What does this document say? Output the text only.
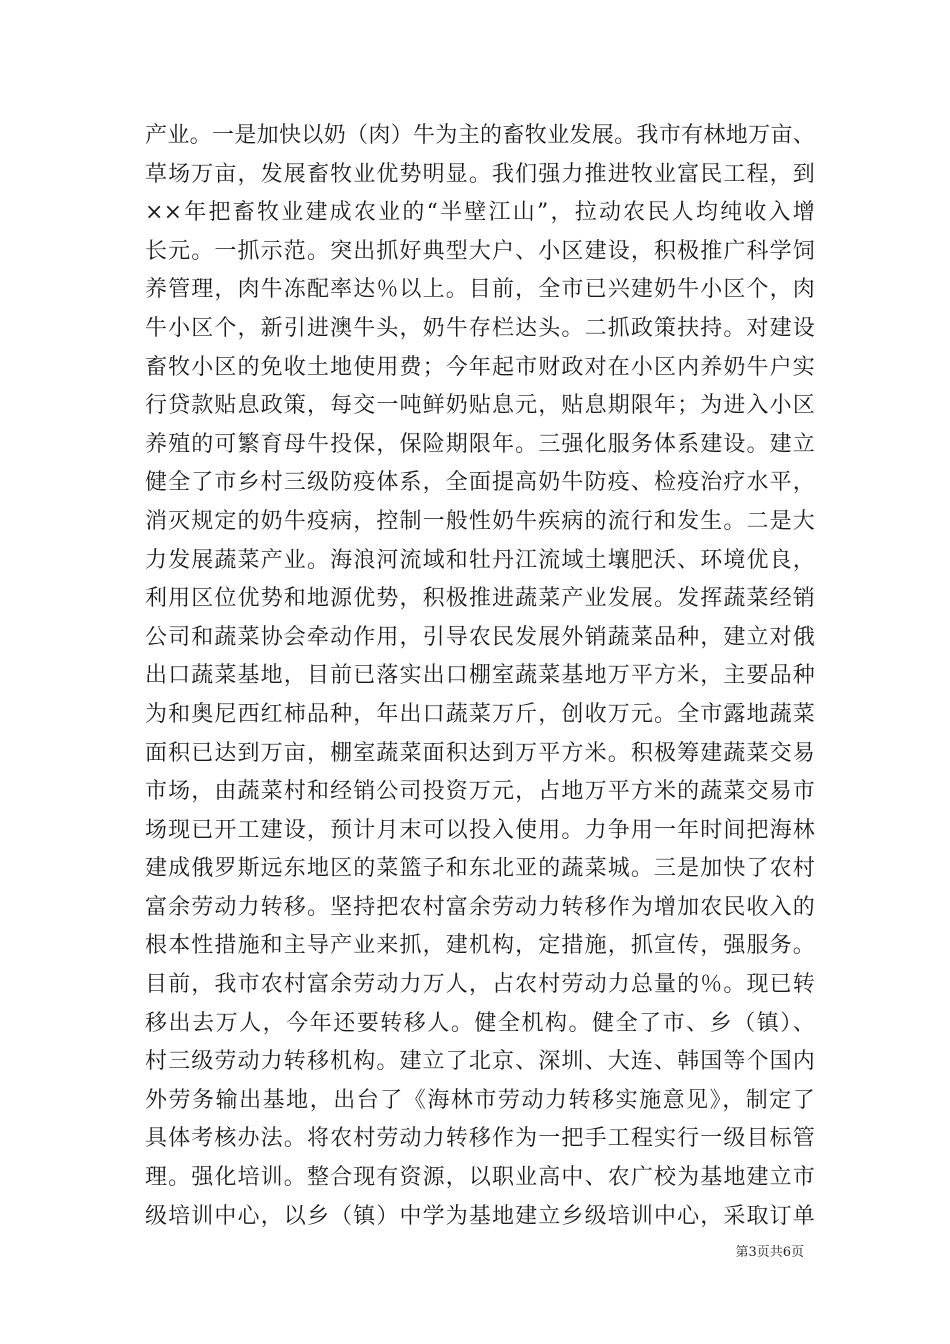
产业。一是加快以奶（肉）牛为主的畜牧业发展。我市有林地万亩、
草场万亩，发展畜牧业优势明显。我们强力推进牧业富民工程，到
××年把畜牧业建成农业的“半壁江山”，拉动农民人均纯收入增
长元。一抓示范。突出抓好典型大户、小区建设，积极推广科学饲
养管理，肉牛冻配率达％以上。目前，全市已兴建奶牛小区个，肉
牛小区个，新引进澳牛头，奶牛存栏达头。二抓政策扶持。对建设
畜牧小区的免收土地使用费；今年起市财政对在小区内养奶牛户实
行贷款贴息政策，每交一吨鲜奶贴息元，贴息期限年；为进入小区
养殖的可繁育母牛投保，保险期限年。三强化服务体系建设。建立
健全了市乡村三级防疫体系，全面提高奶牛防疫、检疫治疗水平，
消灭规定的奶牛疫病，控制一般性奶牛疾病的流行和发生。二是大
力发展蔬菜产业。海浪河流域和牡丹江流域土壤肥沃、环境优良，
利用区位优势和地源优势，积极推进蔬菜产业发展。发挥蔬菜经销
公司和蔬菜协会牵动作用，引导农民发展外销蔬菜品种，建立对俄
出口蔬菜基地，目前已落实出口棚室蔬菜基地万平方米，主要品种
为和奥尼西红柿品种，年出口蔬菜万斤，创收万元。全市露地蔬菜
面积已达到万亩，棚室蔬菜面积达到万平方米。积极筹建蔬菜交易
市场，由蔬菜村和经销公司投资万元，占地万平方米的蔬菜交易市
场现已开工建设，预计月末可以投入使用。力争用一年时间把海林
建成俄罗斯远东地区的菜篮子和东北亚的蔬菜城。三是加快了农村
富余劳动力转移。坚持把农村富余劳动力转移作为增加农民收入的
根本性措施和主导产业来抓，建机构，定措施，抓宣传，强服务。
目前，我市农村富余劳动力万人，占农村劳动力总量的％。现已转
移出去万人，今年还要转移人。健全机构。健全了市、乡（镇）、
村三级劳动力转移机构。建立了北京、深圳、大连、韩国等个国内
外劳务输出基地，出台了《海林市劳动力转移实施意见》，制定了
具体考核办法。将农村劳动力转移作为一把手工程实行一级目标管
理。强化培训。整合现有资源，以职业高中、农广校为基地建立市
级培训中心，以乡（镇）中学为基地建立乡级培训中心，采取订单
第3页共6页
